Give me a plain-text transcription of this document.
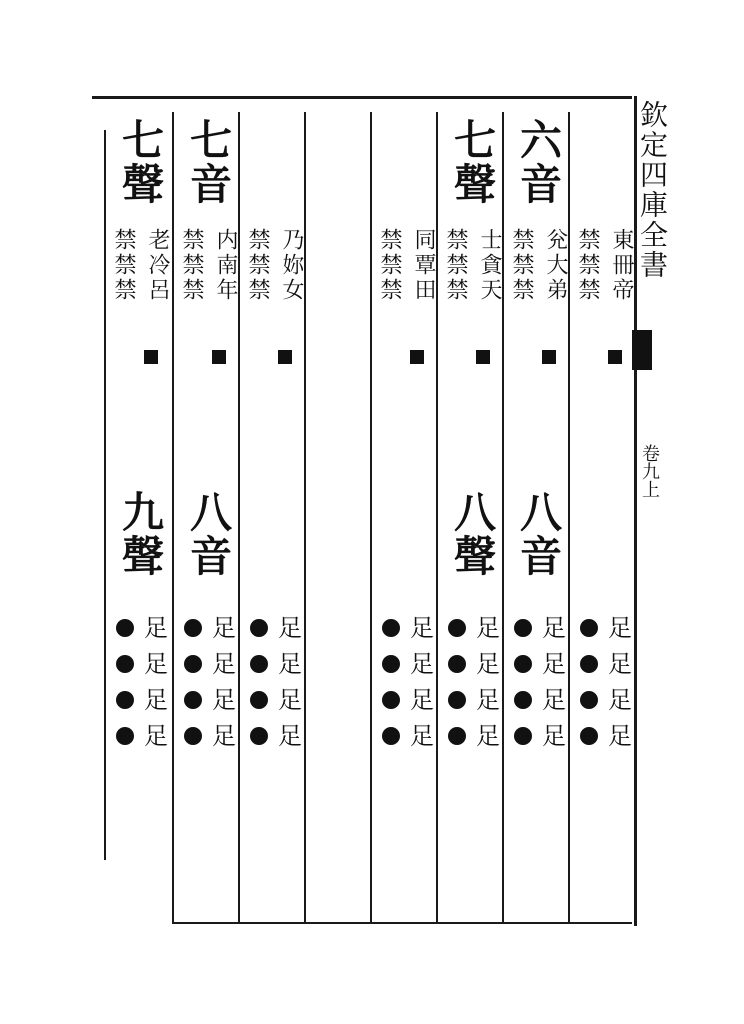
欽定四庫全書
卷九上
東冊帝
禁禁禁
足
足
足
足
六音
兊大弟
禁禁禁
八音
足
足
足
足
七聲
士貪天
禁禁禁
八聲
足
足
足
足
同覃田
禁禁禁
足
足
足
足
乃妳女
禁禁禁
足
足
足
足
七音
内南年
禁禁禁
八音
足
足
足
足
七聲
老冷呂
禁禁禁
九聲
足
足
足
足
